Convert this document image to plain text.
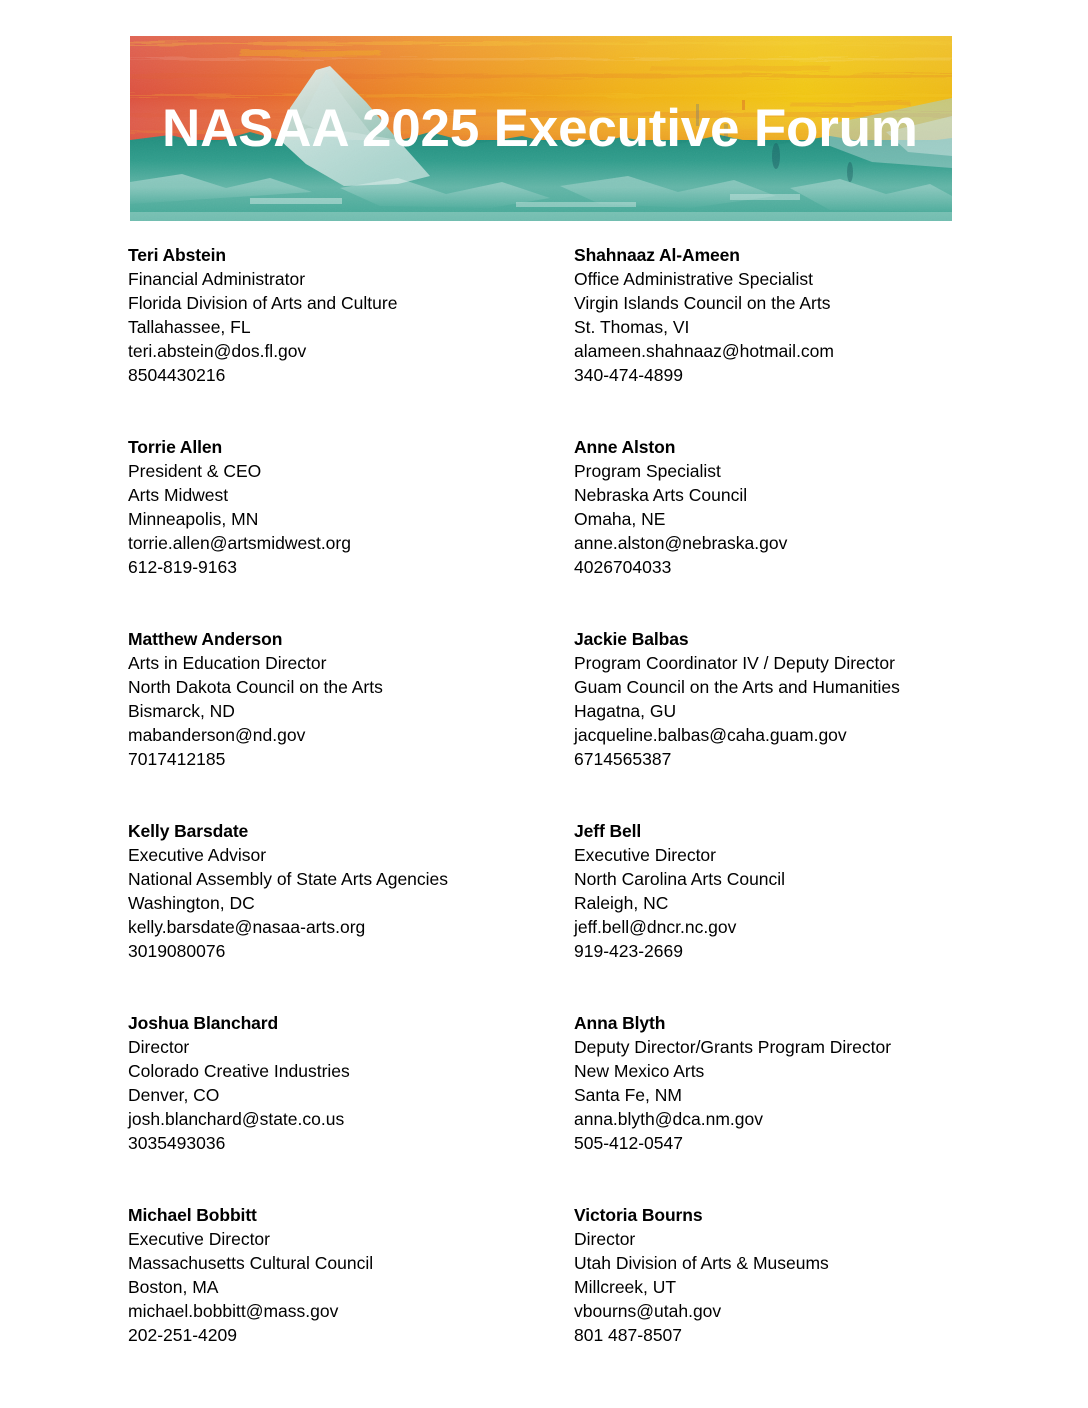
NASAA 2025 Executive Forum
Teri Abstein
Financial Administrator
Florida Division of Arts and Culture
Tallahassee, FL
teri.abstein@dos.fl.gov
8504430216
Shahnaaz Al-Ameen
Office Administrative Specialist
Virgin Islands Council on the Arts
St. Thomas, VI
alameen.shahnaaz@hotmail.com
340-474-4899
Torrie Allen
President & CEO
Arts Midwest
Minneapolis, MN
torrie.allen@artsmidwest.org
612-819-9163
Anne Alston
Program Specialist
Nebraska Arts Council
Omaha, NE
anne.alston@nebraska.gov
4026704033
Matthew Anderson
Arts in Education Director
North Dakota Council on the Arts
Bismarck, ND
mabanderson@nd.gov
7017412185
Jackie Balbas
Program Coordinator IV / Deputy Director
Guam Council on the Arts and Humanities
Hagatna, GU
jacqueline.balbas@caha.guam.gov
6714565387
Kelly Barsdate
Executive Advisor
National Assembly of State Arts Agencies
Washington, DC
kelly.barsdate@nasaa-arts.org
3019080076
Jeff Bell
Executive Director
North Carolina Arts Council
Raleigh, NC
jeff.bell@dncr.nc.gov
919-423-2669
Joshua Blanchard
Director
Colorado Creative Industries
Denver, CO
josh.blanchard@state.co.us
3035493036
Anna Blyth
Deputy Director/Grants Program Director
New Mexico Arts
Santa Fe, NM
anna.blyth@dca.nm.gov
505-412-0547
Michael Bobbitt
Executive Director
Massachusetts Cultural Council
Boston, MA
michael.bobbitt@mass.gov
202-251-4209
Victoria Bourns
Director
Utah Division of Arts & Museums
Millcreek, UT
vbourns@utah.gov
801 487-8507
